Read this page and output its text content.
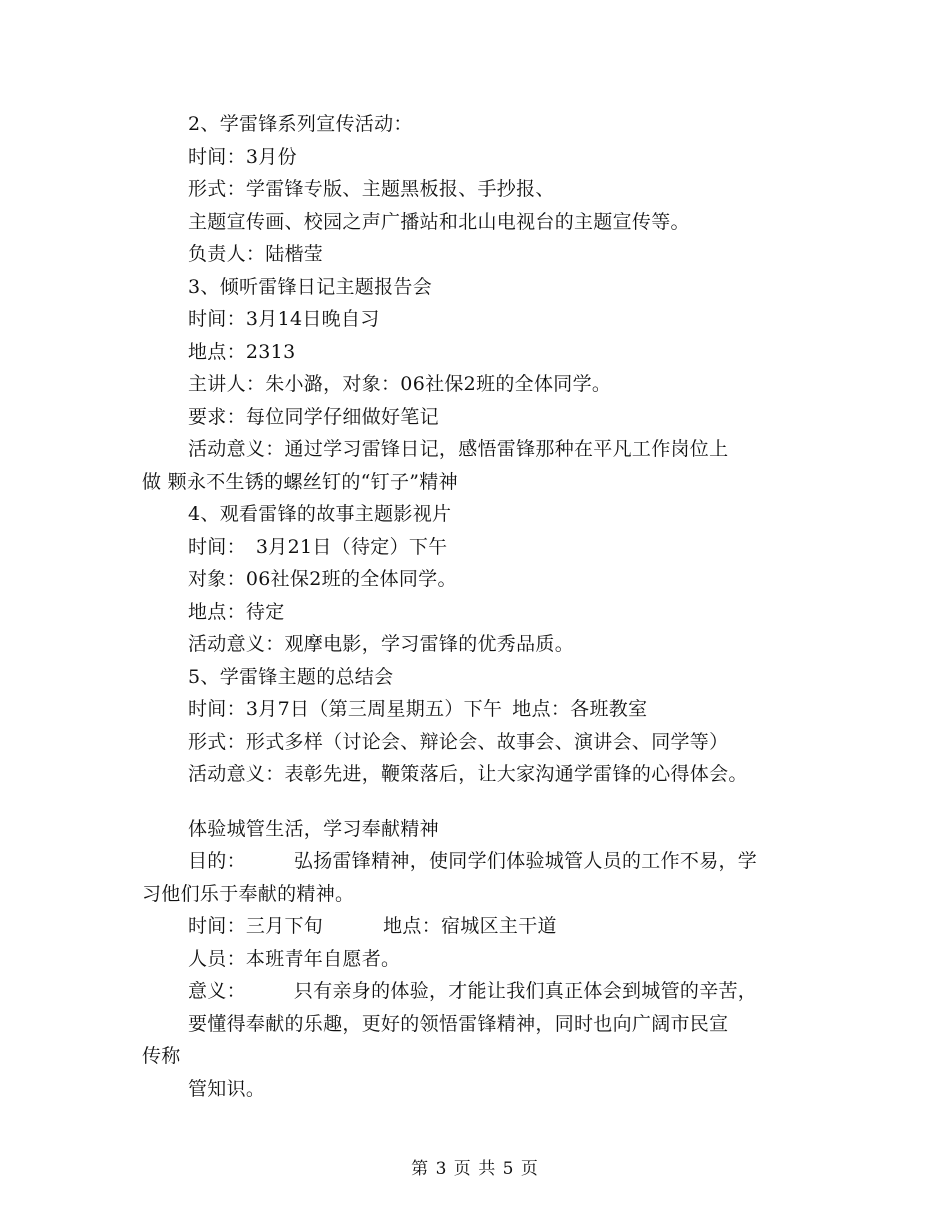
2、学雷锋系列宣传活动：
时间：3月份
形式：学雷锋专版、主题黑板报、手抄报、
主题宣传画、校园之声广播站和北山电视台的主题宣传等。
负责人：陆楷莹
3、倾听雷锋日记主题报告会
时间：3月14日晚自习
地点：2313
主讲人：朱小潞，对象：06社保2班的全体同学。
要求：每位同学仔细做好笔记
活动意义：通过学习雷锋日记，感悟雷锋那种在平凡工作岗位上
做 颗永不生锈的螺丝钉的“钉子”精神
4、观看雷锋的故事主题影视片
时间： 3月21日（待定）下午
对象：06社保2班的全体同学。
地点：待定
活动意义：观摩电影，学习雷锋的优秀品质。
5、学雷锋主题的总结会
时间：3月7日（第三周星期五）下午 地点：各班教室
形式：形式多样（讨论会、辩论会、故事会、演讲会、同学等）
活动意义：表彰先进，鞭策落后，让大家沟通学雷锋的心得体会。
体验城管生活，学习奉献精神
目的：	弘扬雷锋精神，使同学们体验城管人员的工作不易，学
习他们乐于奉献的精神。
时间：三月下旬	地点：宿城区主干道
人员：本班青年自愿者。
意义：	只有亲身的体验，才能让我们真正体会到城管的辛苦，
要懂得奉献的乐趣，更好的领悟雷锋精神，同时也向广阔市民宣
传称
管知识。
第 3 页 共 5 页
